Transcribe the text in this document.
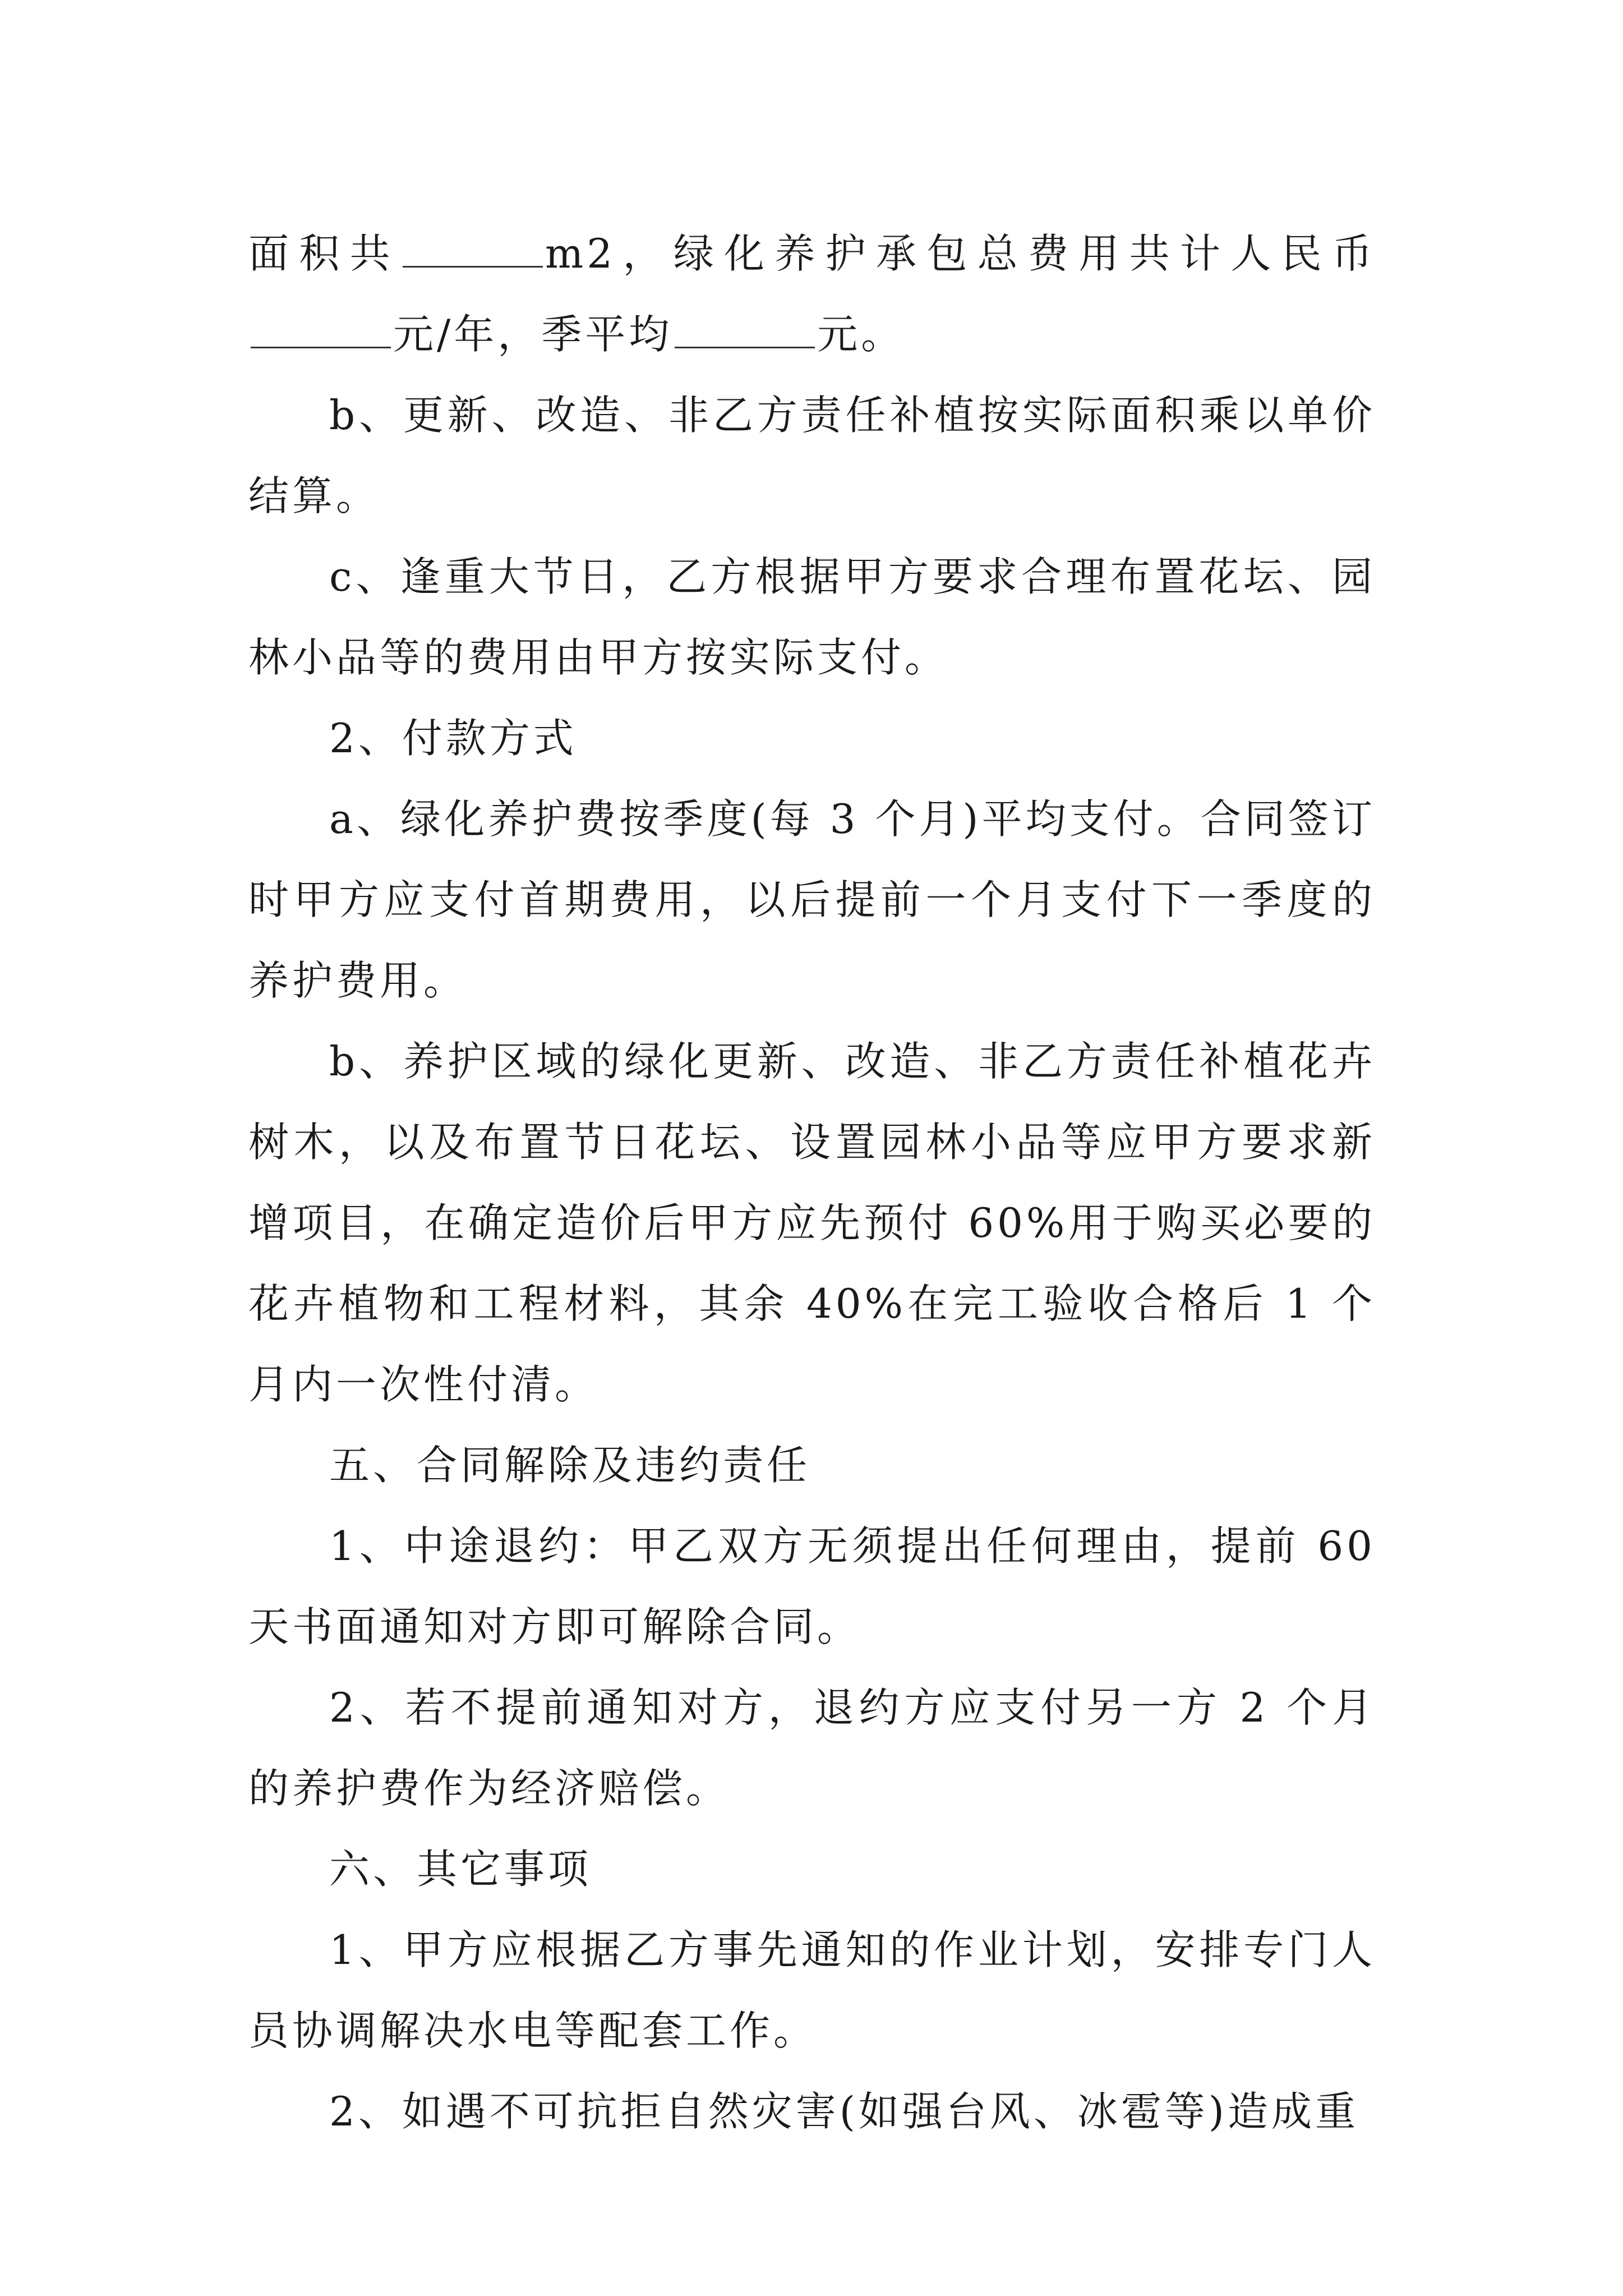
面积共	m2，绿化养护承包总费用共计人民币元/年，季平均	元。

b、更新、改造、非乙方责任补植按实际面积乘以单价结算。

c、逢重大节日，乙方根据甲方要求合理布置花坛、园林小品等的费用由甲方按实际支付。

2、付款方式

a、绿化养护费按季度(每 3 个月)平均支付。合同签订时甲方应支付首期费用，以后提前一个月支付下一季度的养护费用。

b、养护区域的绿化更新、改造、非乙方责任补植花卉树木，以及布置节日花坛、设置园林小品等应甲方要求新增项目，在确定造价后甲方应先预付 60%用于购买必要的花卉植物和工程材料，其余 40%在完工验收合格后 1 个月内一次性付清。

五、合同解除及违约责任

1、中途退约：甲乙双方无须提出任何理由，提前 60 天书面通知对方即可解除合同。

2、若不提前通知对方，退约方应支付另一方 2 个月的养护费作为经济赔偿。

六、其它事项

1、甲方应根据乙方事先通知的作业计划，安排专门人员协调解决水电等配套工作。

2、如遇不可抗拒自然灾害(如强台风、冰雹等)造成重
